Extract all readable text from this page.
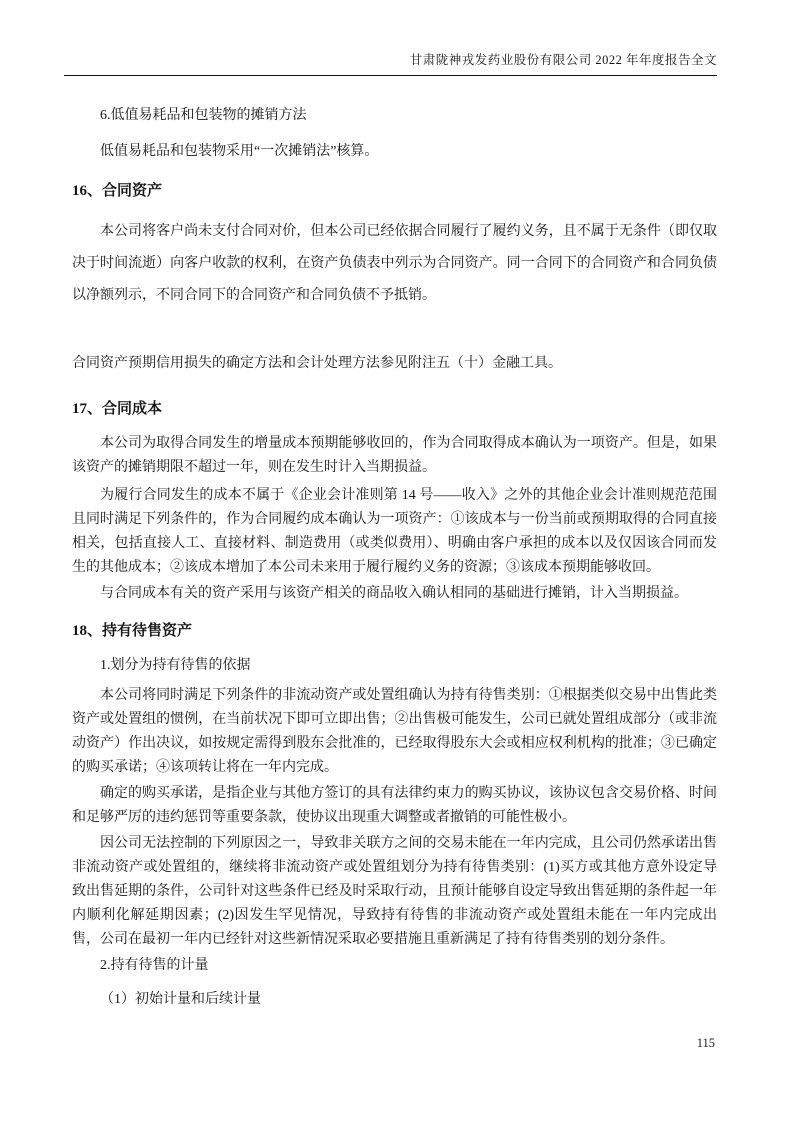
甘肃陇神戎发药业股份有限公司 2022 年年度报告全文

6.低值易耗品和包装物的摊销方法

低值易耗品和包装物采用“一次摊销法”核算。

16、合同资产

本公司将客户尚未支付合同对价，但本公司已经依据合同履行了履约义务，且不属于无条件（即仅取决于时间流逝）向客户收款的权利，在资产负债表中列示为合同资产。同一合同下的合同资产和合同负债以净额列示，不同合同下的合同资产和合同负债不予抵销。

合同资产预期信用损失的确定方法和会计处理方法参见附注五（十）金融工具。

17、合同成本

本公司为取得合同发生的增量成本预期能够收回的，作为合同取得成本确认为一项资产。但是，如果该资产的摊销期限不超过一年，则在发生时计入当期损益。

为履行合同发生的成本不属于《企业会计准则第 14 号——收入》之外的其他企业会计准则规范范围且同时满足下列条件的，作为合同履约成本确认为一项资产：①该成本与一份当前或预期取得的合同直接相关，包括直接人工、直接材料、制造费用（或类似费用）、明确由客户承担的成本以及仅因该合同而发生的其他成本；②该成本增加了本公司未来用于履行履约义务的资源；③该成本预期能够收回。

与合同成本有关的资产采用与该资产相关的商品收入确认相同的基础进行摊销，计入当期损益。

18、持有待售资产

1.划分为持有待售的依据

本公司将同时满足下列条件的非流动资产或处置组确认为持有待售类别：①根据类似交易中出售此类资产或处置组的惯例，在当前状况下即可立即出售；②出售极可能发生，公司已就处置组成部分（或非流动资产）作出决议，如按规定需得到股东会批准的，已经取得股东大会或相应权利机构的批准；③已确定的购买承诺；④该项转让将在一年内完成。

确定的购买承诺，是指企业与其他方签订的具有法律约束力的购买协议，该协议包含交易价格、时间和足够严厉的违约惩罚等重要条款，使协议出现重大调整或者撤销的可能性极小。

因公司无法控制的下列原因之一，导致非关联方之间的交易未能在一年内完成，且公司仍然承诺出售非流动资产或处置组的，继续将非流动资产或处置组划分为持有待售类别：(1)买方或其他方意外设定导致出售延期的条件，公司针对这些条件已经及时采取行动，且预计能够自设定导致出售延期的条件起一年内顺利化解延期因素；(2)因发生罕见情况，导致持有待售的非流动资产或处置组未能在一年内完成出售，公司在最初一年内已经针对这些新情况采取必要措施且重新满足了持有待售类别的划分条件。

2.持有待售的计量

（1）初始计量和后续计量

115
